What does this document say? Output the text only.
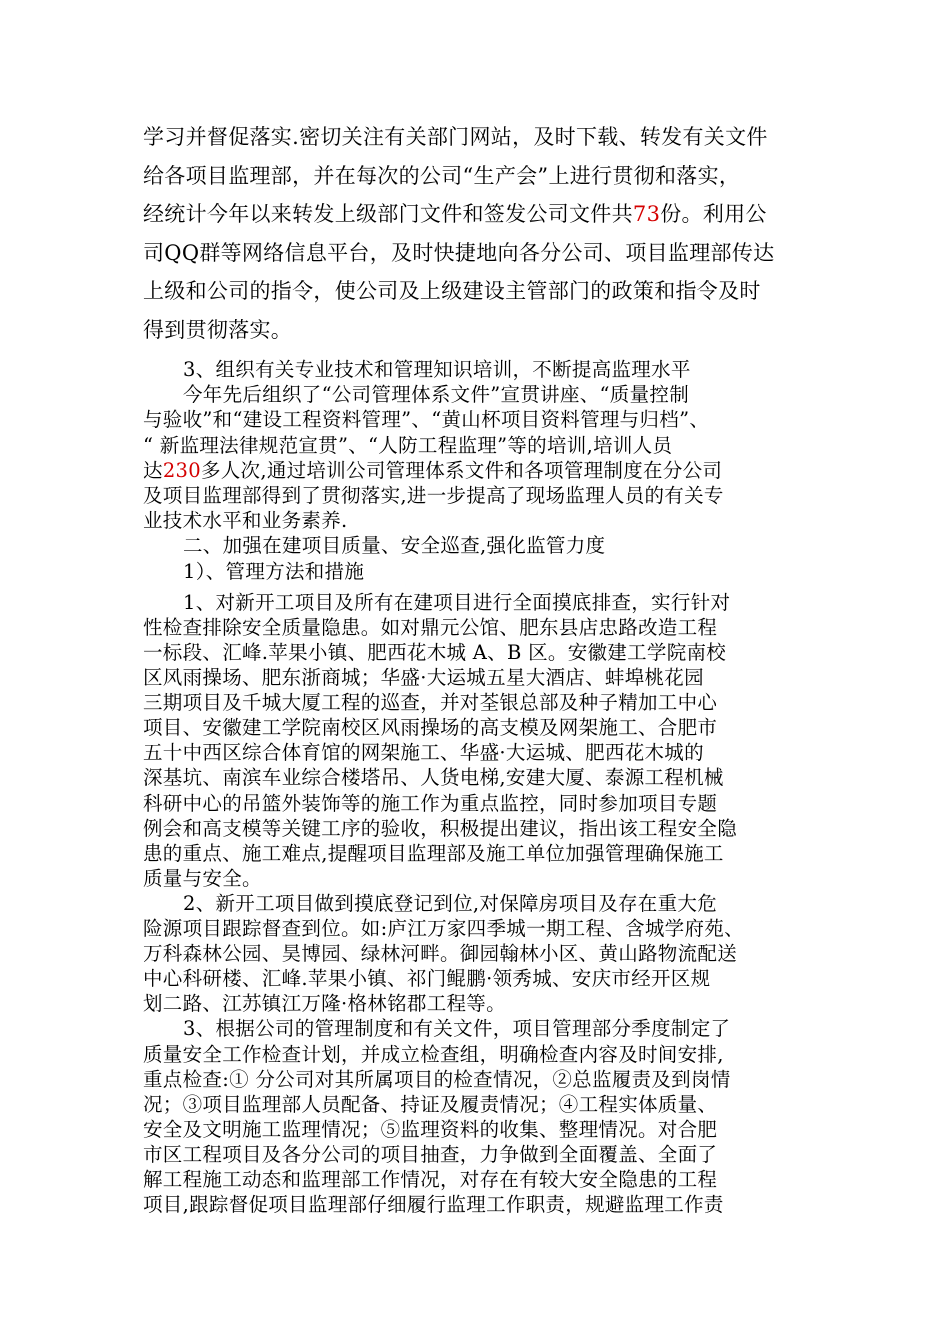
学习并督促落实.密切关注有关部门网站，及时下载、转发有关文件
给各项目监理部，并在每次的公司“生产会”上进行贯彻和落实，
经统计今年以来转发上级部门文件和签发公司文件共73份。利用公
司QQ群等网络信息平台，及时快捷地向各分公司、项目监理部传达
上级和公司的指令，使公司及上级建设主管部门的政策和指令及时
得到贯彻落实。
3、组织有关专业技术和管理知识培训，不断提高监理水平
今年先后组织了“公司管理体系文件”宣贯讲座、“质量控制
与验收”和“建设工程资料管理”、“黄山杯项目资料管理与归档”、
“ 新监理法律规范宣贯”、“人防工程监理”等的培训,培训人员
达230多人次,通过培训公司管理体系文件和各项管理制度在分公司
及项目监理部得到了贯彻落实,进一步提高了现场监理人员的有关专
业技术水平和业务素养.
二、加强在建项目质量、安全巡查,强化监管力度
1）、管理方法和措施
1、对新开工项目及所有在建项目进行全面摸底排查，实行针对
性检查排除安全质量隐患。如对鼎元公馆、肥东县店忠路改造工程
一标段、汇峰.苹果小镇、肥西花木城 A、B 区。安徽建工学院南校
区风雨操场、肥东浙商城；华盛·大运城五星大酒店、蚌埠桃花园
三期项目及千城大厦工程的巡查，并对荃银总部及种子精加工中心
项目、安徽建工学院南校区风雨操场的高支模及网架施工、合肥市
五十中西区综合体育馆的网架施工、华盛·大运城、肥西花木城的
深基坑、南滨车业综合楼塔吊、人货电梯,安建大厦、泰源工程机械
科研中心的吊篮外装饰等的施工作为重点监控，同时参加项目专题
例会和高支模等关键工序的验收，积极提出建议，指出该工程安全隐
患的重点、施工难点,提醒项目监理部及施工单位加强管理确保施工
质量与安全。
2、新开工项目做到摸底登记到位,对保障房项目及存在重大危
险源项目跟踪督查到位。如:庐江万家四季城一期工程、含城学府苑、
万科森林公园、昊博园、绿林河畔。御园翰林小区、黄山路物流配送
中心科研楼、汇峰.苹果小镇、祁门鲲鹏·领秀城、安庆市经开区规
划二路、江苏镇江万隆·格林铭郡工程等。
3、根据公司的管理制度和有关文件，项目管理部分季度制定了
质量安全工作检查计划，并成立检查组，明确检查内容及时间安排,
重点检查:① 分公司对其所属项目的检查情况，②总监履责及到岗情
况；③项目监理部人员配备、持证及履责情况；④工程实体质量、
安全及文明施工监理情况；⑤监理资料的收集、整理情况。对合肥
市区工程项目及各分公司的项目抽查，力争做到全面覆盖、全面了
解工程施工动态和监理部工作情况，对存在有较大安全隐患的工程
项目,跟踪督促项目监理部仔细履行监理工作职责，规避监理工作责
